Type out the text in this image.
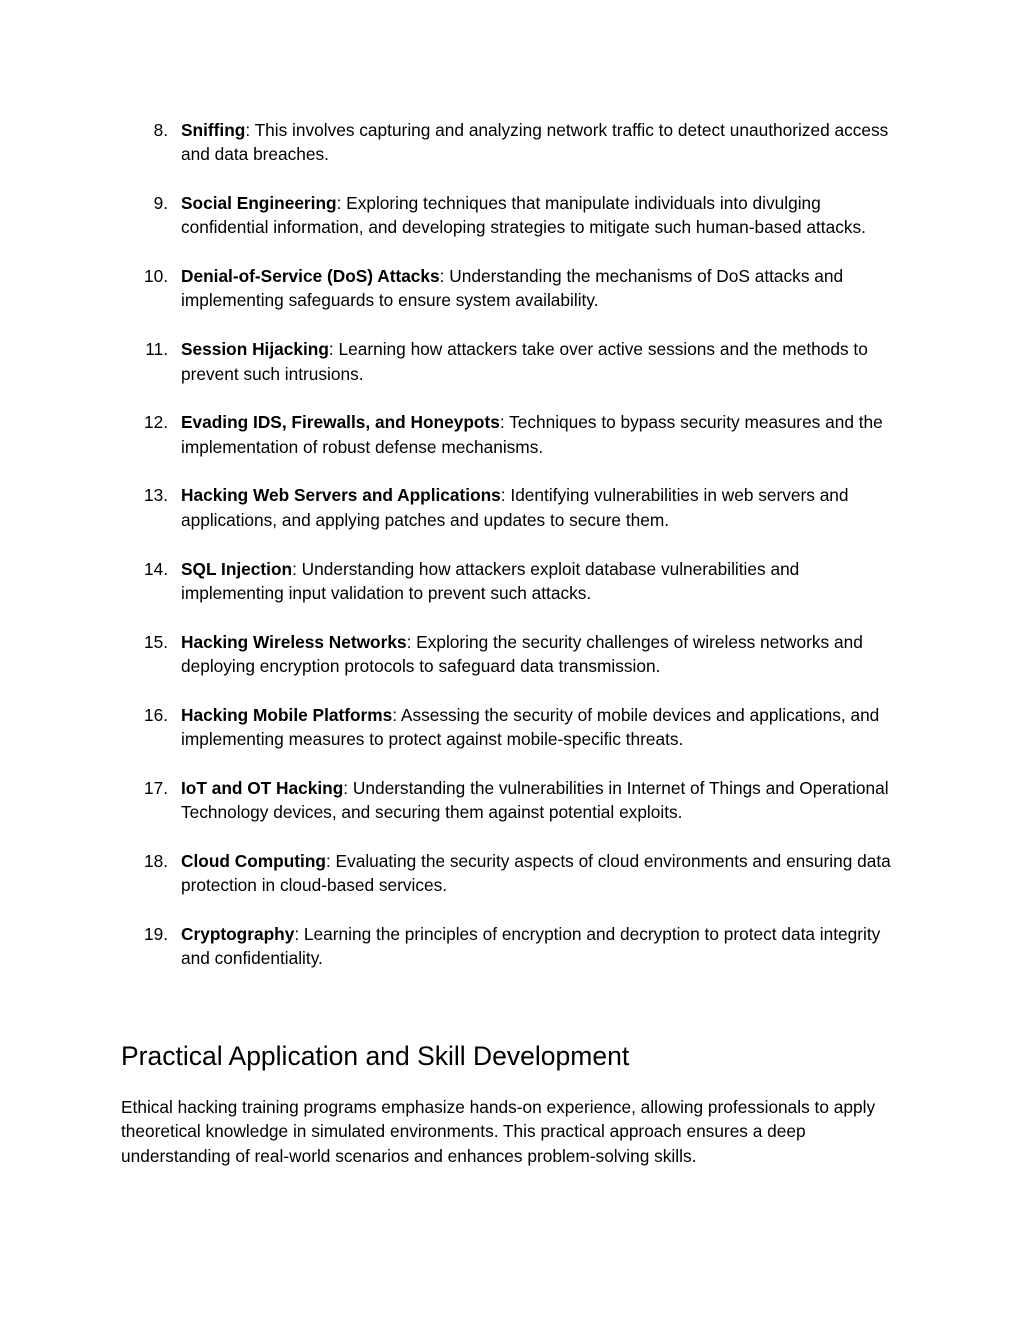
8. Sniffing: This involves capturing and analyzing network traffic to detect unauthorized access and data breaches.
9. Social Engineering: Exploring techniques that manipulate individuals into divulging confidential information, and developing strategies to mitigate such human-based attacks.
10. Denial-of-Service (DoS) Attacks: Understanding the mechanisms of DoS attacks and implementing safeguards to ensure system availability.
11. Session Hijacking: Learning how attackers take over active sessions and the methods to prevent such intrusions.
12. Evading IDS, Firewalls, and Honeypots: Techniques to bypass security measures and the implementation of robust defense mechanisms.
13. Hacking Web Servers and Applications: Identifying vulnerabilities in web servers and applications, and applying patches and updates to secure them.
14. SQL Injection: Understanding how attackers exploit database vulnerabilities and implementing input validation to prevent such attacks.
15. Hacking Wireless Networks: Exploring the security challenges of wireless networks and deploying encryption protocols to safeguard data transmission.
16. Hacking Mobile Platforms: Assessing the security of mobile devices and applications, and implementing measures to protect against mobile-specific threats.
17. IoT and OT Hacking: Understanding the vulnerabilities in Internet of Things and Operational Technology devices, and securing them against potential exploits.
18. Cloud Computing: Evaluating the security aspects of cloud environments and ensuring data protection in cloud-based services.
19. Cryptography: Learning the principles of encryption and decryption to protect data integrity and confidentiality.
Practical Application and Skill Development

Ethical hacking training programs emphasize hands-on experience, allowing professionals to apply theoretical knowledge in simulated environments. This practical approach ensures a deep understanding of real-world scenarios and enhances problem-solving skills.
